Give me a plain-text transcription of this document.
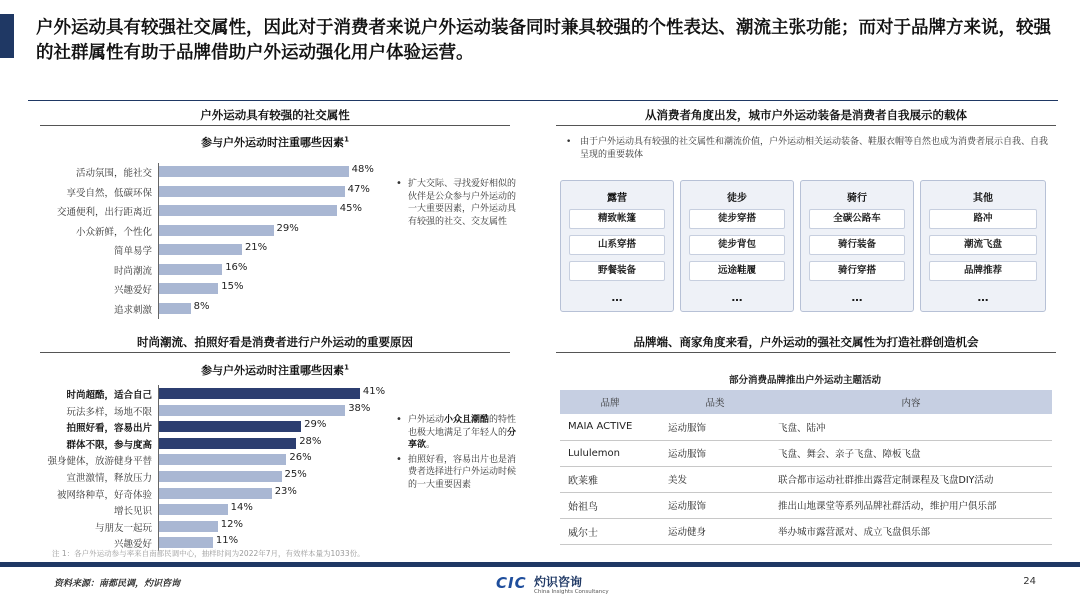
户外运动具有较强社交属性，因此对于消费者来说户外运动装备同时兼具较强的个性表达、潮流主张功能；而对于品牌方来说，较强的社群属性有助于品牌借助户外运动强化用户体验运营。
户外运动具有较强的社交属性
参与户外运动时注重哪些因素$^1$
活动氛围，能社交	48%
享受自然，低碳环保	47%
交通便利，出行距离近	45%
小众新鲜，个性化	29%
简单易学	21%
时尚潮流	16%
兴趣爱好	15%
追求刺激	8%
• 扩大交际、寻找爱好相似的伙伴是公众参与户外运动的一大重要因素，户外运动具有较强的社交、交友属性
时尚潮流、拍照好看是消费者进行户外运动的重要原因
参与户外运动时注重哪些因素$^1$
时尚超酷，适合自己	41%
玩法多样，场地不限	38%
拍照好看，容易出片	29%
群体不限，参与度高	28%
强身健体，放游健身平替	26%
宣泄激情，释放压力	25%
被网络种草，好奇体验	23%
增长见识	14%
与朋友一起玩	12%
兴趣爱好	11%
• 户外运动小众且潮酷的特性也极大地满足了年轻人的分享欲。
• 拍照好看，容易出片也是消费者选择进行户外运动时候的一大重要因素
从消费者角度出发，城市户外运动装备是消费者自我展示的载体
• 由于户外运动具有较强的社交属性和潮流价值，户外运动相关运动装备、鞋服衣帽等自然也成为消费者展示自我、自我呈现的重要载体
露营
精致帐篷
山系穿搭
野餐装备
…
徒步
徒步穿搭
徒步背包
远途鞋履
…
骑行
全碳公路车
骑行装备
骑行穿搭
…
其他
路冲
潮流飞盘
品牌推荐
…
品牌端、商家角度来看，户外运动的强社交属性为打造社群创造机会
部分消费品牌推出户外运动主题活动
品牌	品类	内容
MAIA ACTIVE	运动服饰	飞盘、陆冲
Lululemon	运动服饰	飞盘、舞会、亲子飞盘、障板飞盘
欧莱雅	美发	联合都市运动社群推出露营定制课程及飞盘DIY活动
始祖鸟	运动服饰	推出山地课堂等系列品牌社群活动，维护用户俱乐部
威尔士	运动健身	举办城市露营派对、成立飞盘俱乐部
注 1：各户外运动参与率来自南都民调中心，抽样时间为2022年7月，有效样本量为1033份。
资料来源：南都民调，灼识咨询	CIC 灼识咨询
China Insights Consultancy
24
